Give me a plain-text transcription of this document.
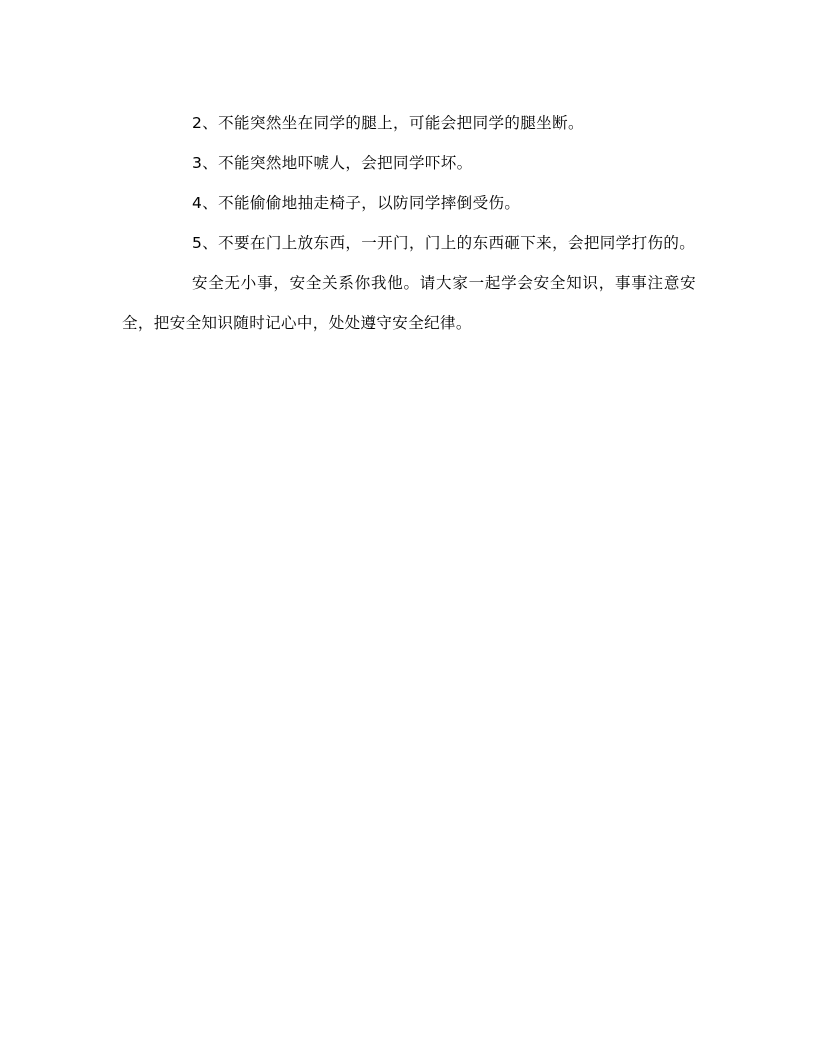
2、不能突然坐在同学的腿上，可能会把同学的腿坐断。

3、不能突然地吓唬人，会把同学吓坏。

4、不能偷偷地抽走椅子，以防同学摔倒受伤。

5、不要在门上放东西，一开门，门上的东西砸下来，会把同学打伤的。

安全无小事，安全关系你我他。请大家一起学会安全知识，事事注意安全，把安全知识随时记心中，处处遵守安全纪律。
